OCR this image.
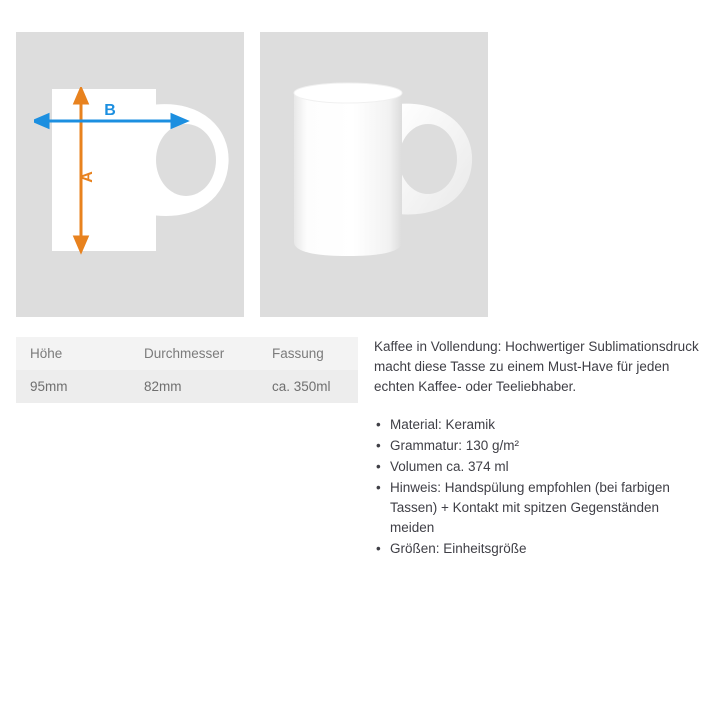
A
B
Höhe	Durchmesser	Fassung
95mm	82mm	ca. 350ml

Kaffee in Vollendung: Hochwertiger Sublimationsdruck macht diese Tasse zu einem Must-Have für jeden echten Kaffee- oder Teeliebhaber.

• Material: Keramik
• Grammatur: 130 g/m²
• Volumen ca. 374 ml
• Hinweis: Handspülung empfohlen (bei farbigen Tassen) + Kontakt mit spitzen Gegenständen meiden
• Größen: Einheitsgröße
